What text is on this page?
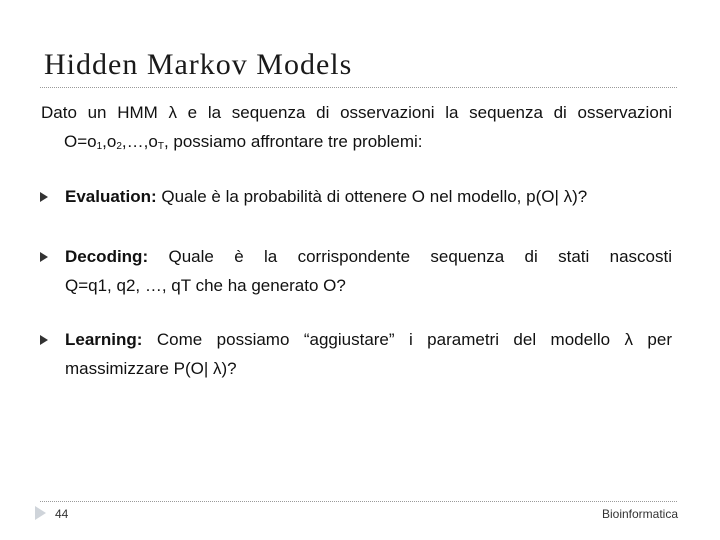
Hidden Markov Models
Dato un HMM λ e la sequenza di osservazioni la sequenza di osservazioni
$O=o_1,o_2,\dots,o_T$, possiamo affrontare tre problemi:
Evaluation: Quale è la probabilità di ottenere O nel modello, p(O| λ)?
Decoding: Quale è la corrispondente sequenza di stati nascosti
Q=q1, q2, …, qT che ha generato O?
Learning: Come possiamo “aggiustare” i parametri del modello λ per
massimizzare P(O| λ)?
44	Bioinformatica
